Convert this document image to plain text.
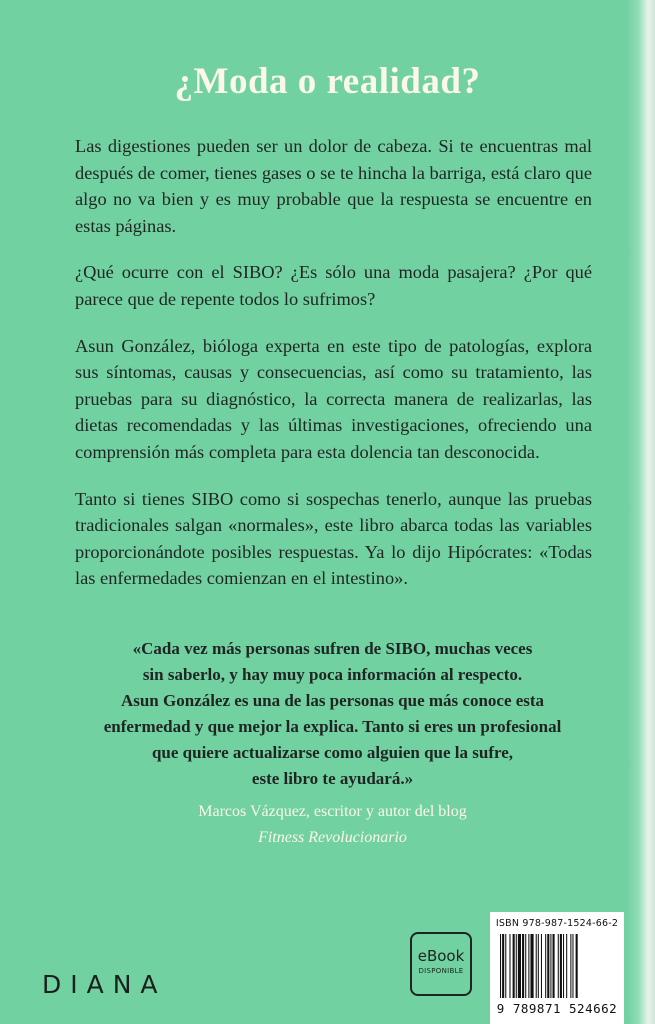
¿Moda o realidad?

Las digestiones pueden ser un dolor de cabeza. Si te encuentras mal después de comer, tienes gases o se te hincha la barriga, está claro que algo no va bien y es muy probable que la respuesta se encuentre en estas páginas.

¿Qué ocurre con el SIBO? ¿Es sólo una moda pasajera? ¿Por qué parece que de repente todos lo sufrimos?

Asun González, bióloga experta en este tipo de patologías, explora sus síntomas, causas y consecuencias, así como su tratamiento, las pruebas para su diagnóstico, la correcta manera de realizarlas, las dietas recomendadas y las últimas investigaciones, ofreciendo una comprensión más completa para esta dolencia tan desconocida.

Tanto si tienes SIBO como si sospechas tenerlo, aunque las pruebas tradicionales salgan «normales», este libro abarca todas las variables proporcionándote posibles respuestas. Ya lo dijo Hipócrates: «Todas las enfermedades comienzan en el intestino».

«Cada vez más personas sufren de SIBO, muchas veces
sin saberlo, y hay muy poca información al respecto.
Asun González es una de las personas que más conoce esta
enfermedad y que mejor la explica. Tanto si eres un profesional
que quiere actualizarse como alguien que la sufre,
este libro te ayudará.»
Marcos Vázquez, escritor y autor del blog
Fitness Revolucionario
DIANA
eBook
DISPONIBLE
ISBN 978-987-1524-66-2
9 789871 524662
